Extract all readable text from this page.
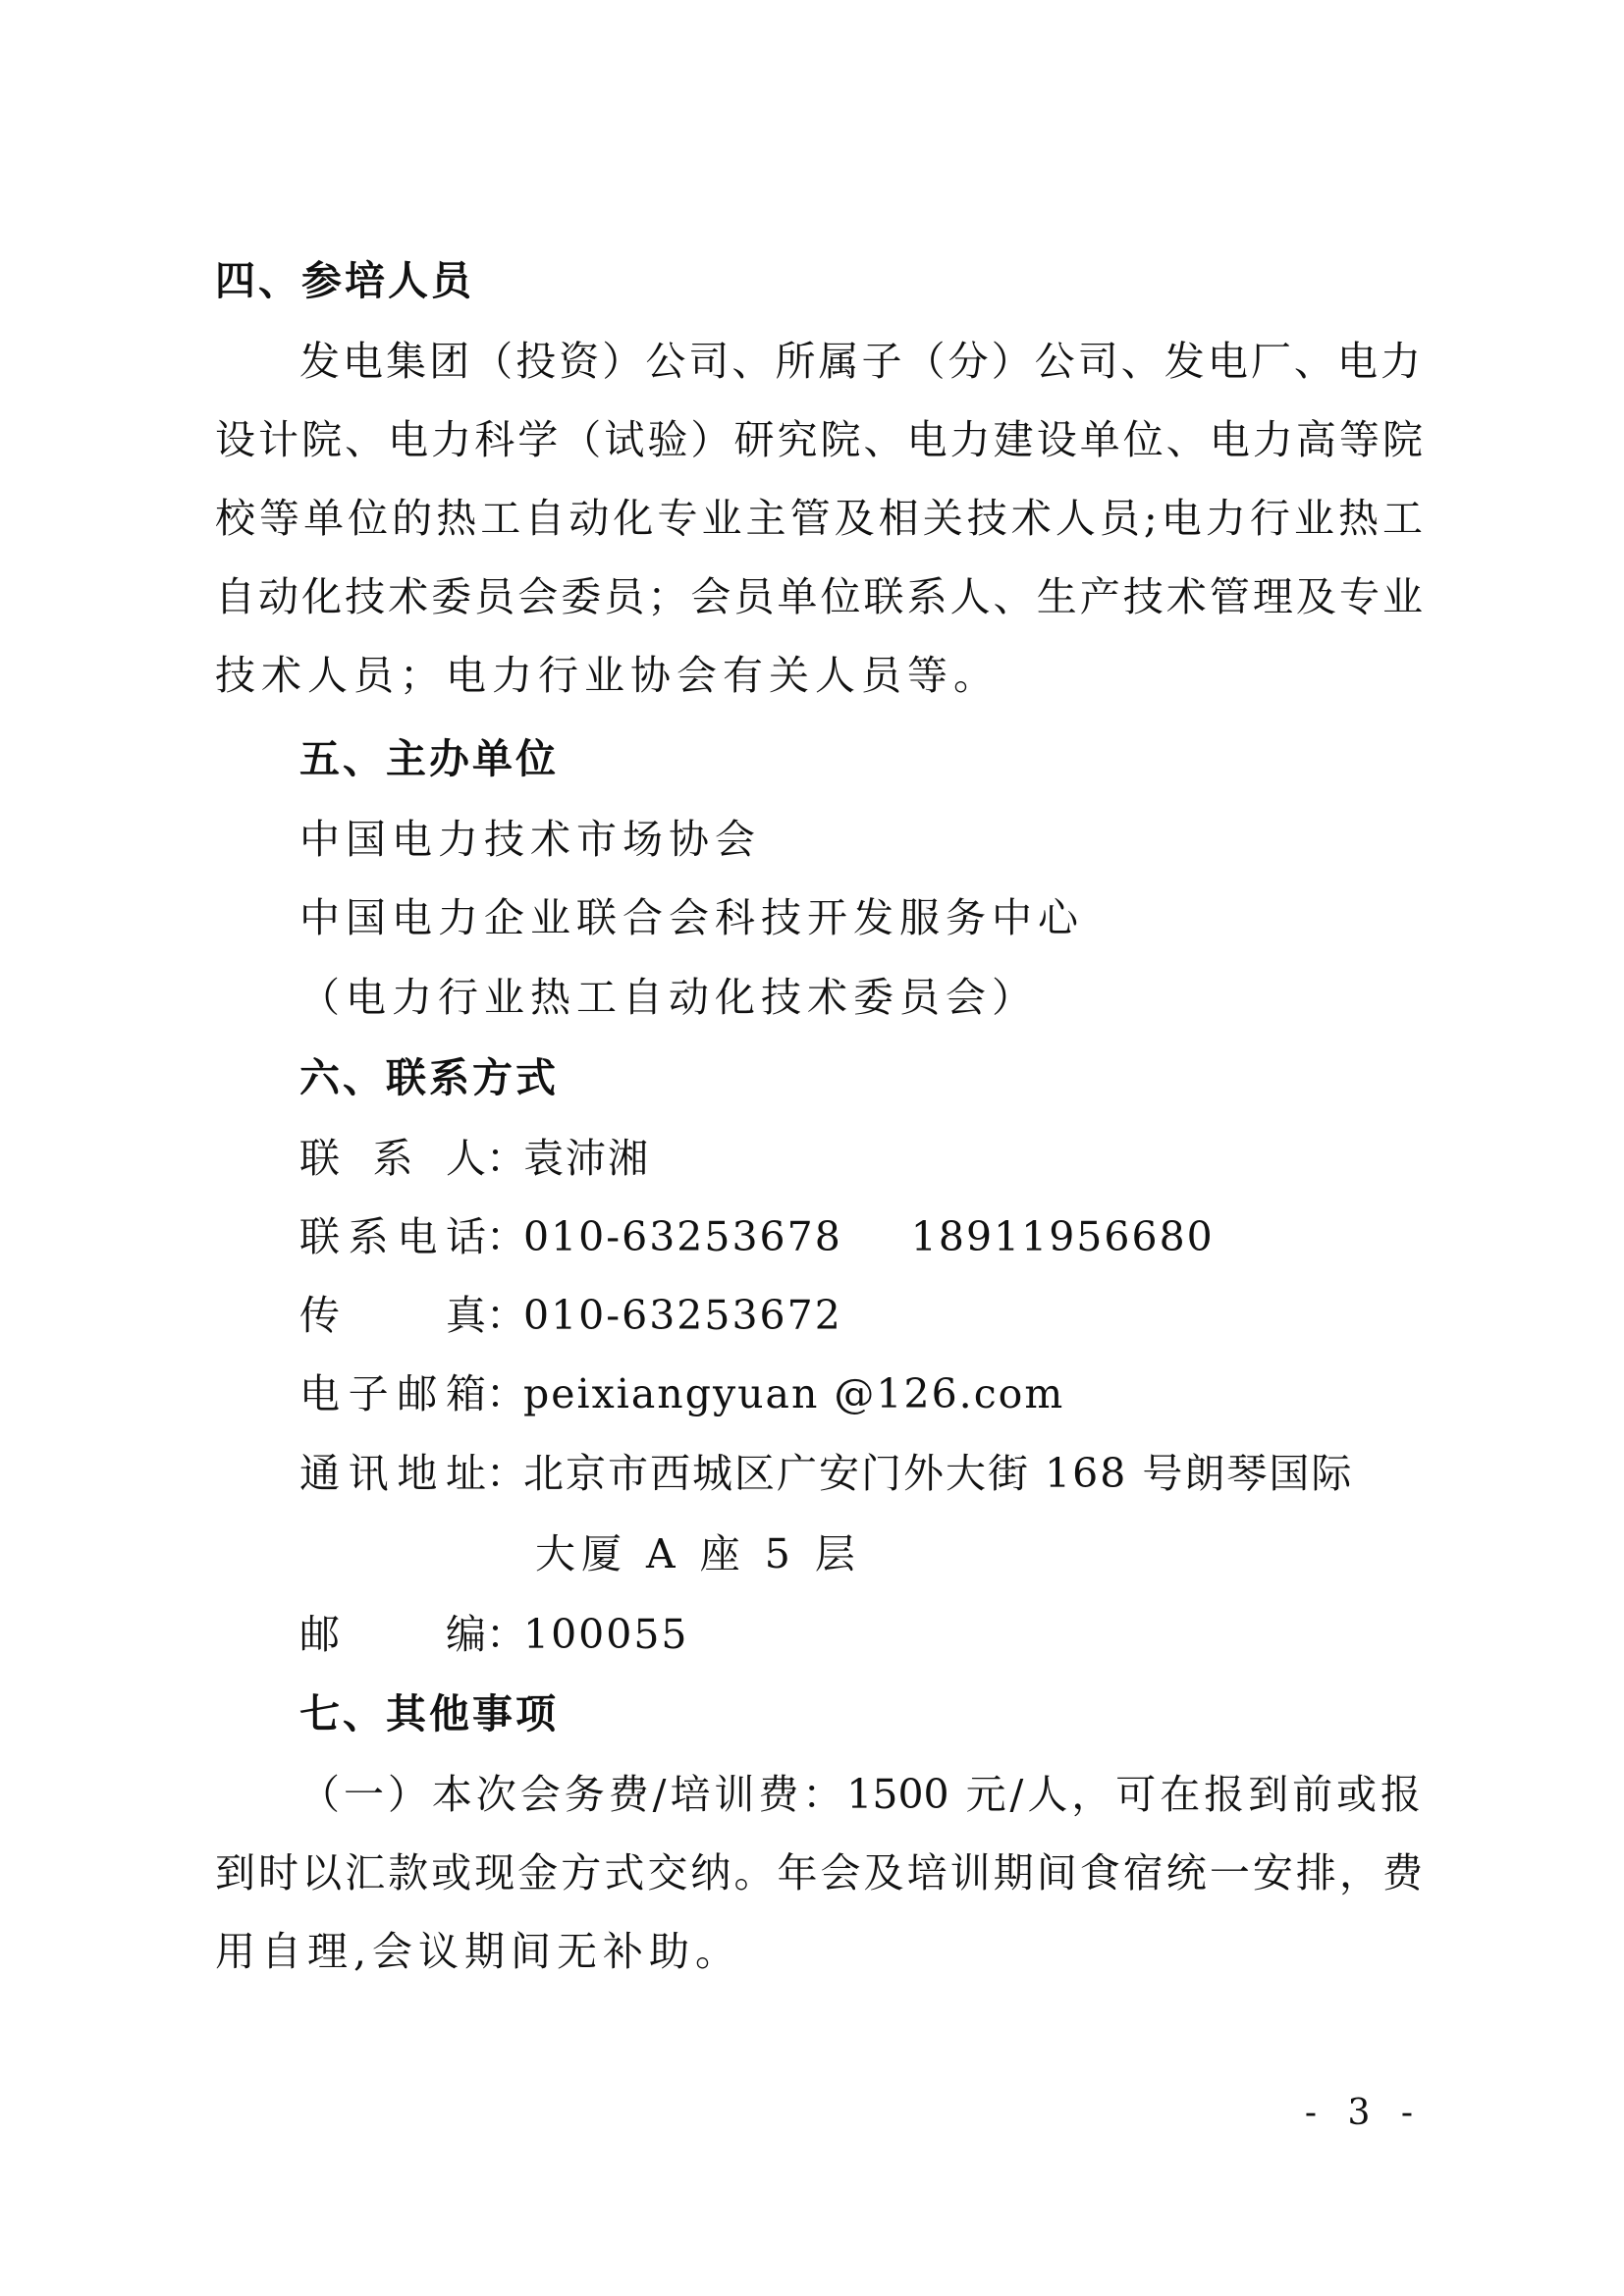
四、参培人员
发电集团（投资）公司、所属子（分）公司、发电厂、电力
设计院、电力科学（试验）研究院、电力建设单位、电力高等院
校等单位的热工自动化专业主管及相关技术人员;电力行业热工
自动化技术委员会委员；会员单位联系人、生产技术管理及专业
技术人员；电力行业协会有关人员等。
五、主办单位
中国电力技术市场协会
中国电力企业联合会科技开发服务中心
（电力行业热工自动化技术委员会）
六、联系方式
联系人：袁沛湘
联系电话：010-63253678 18911956680
传真：010-63253672
电子邮箱：peixiangyuan @126.com
通讯地址：北京市西城区广安门外大街 168 号朗琴国际
大厦 A 座 5 层
邮编：100055
七、其他事项
（一）本次会务费/培训费：1500 元/人，可在报到前或报
到时以汇款或现金方式交纳。年会及培训期间食宿统一安排，费
用自理,会议期间无补助。
- 3 -
